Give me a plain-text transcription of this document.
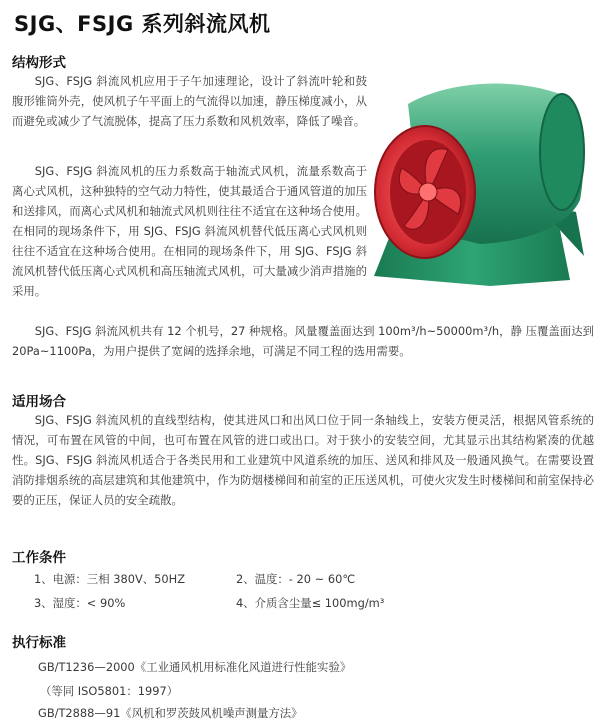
SJG、FSJG 系列斜流风机
结构形式

SJG、FSJG 斜流风机应用于子午加速理论，设计了斜流叶轮和鼓腹形锥筒外壳，使风机子午平面上的气流得以加速，静压梯度减小，从而避免或减少了气流脱体，提高了压力系数和风机效率，降低了噪音。

SJG、FSJG 斜流风机的压力系数高于轴流式风机，流量系数高于离心式风机，这种独特的空气动力特性，使其最适合于通风管道的加压和送排风，而离心式风机和轴流式风机则往往不适宜在这种场合使用。在相同的现场条件下，用 SJG、FSJG 斜流风机替代低压离心式风机则往往不适宜在这种场合使用。在相同的现场条件下，用 SJG、FSJG 斜流风机替代低压离心式风机和高压轴流式风机，可大量减少消声措施的采用。

SJG、FSJG 斜流风机共有 12 个机号，27 种规格。风量覆盖面达到 100m³/h~50000m³/h，静 压覆盖面达到 20Pa~1100Pa，为用户提供了宽阔的选择余地，可满足不同工程的选用需要。

适用场合

SJG、FSJG 斜流风机的直线型结构，使其进风口和出风口位于同一条轴线上，安装方便灵活，根据风管系统的情况，可布置在风管的中间，也可布置在风管的进口或出口。对于狭小的安装空间，尤其显示出其结构紧凑的优越性。SJG、FSJG 斜流风机适合于各类民用和工业建筑中风道系统的加压、送风和排风及一般通风换气。在需要设置消防排烟系统的高层建筑和其他建筑中，作为防烟楼梯间和前室的正压送风机，可使火灾发生时楼梯间和前室保持必要的正压，保证人员的安全疏散。

工作条件
1、电源：三相 380V、50HZ	2、温度：- 20 ~ 60℃
3、湿度：< 90%	4、介质含尘量≤ 100mg/m³
执行标准
GB/T1236—2000《工业通风机用标准化风道进行性能实验》
（等同 ISO5801：1997）
GB/T2888—91《风机和罗茨鼓风机噪声测量方法》
